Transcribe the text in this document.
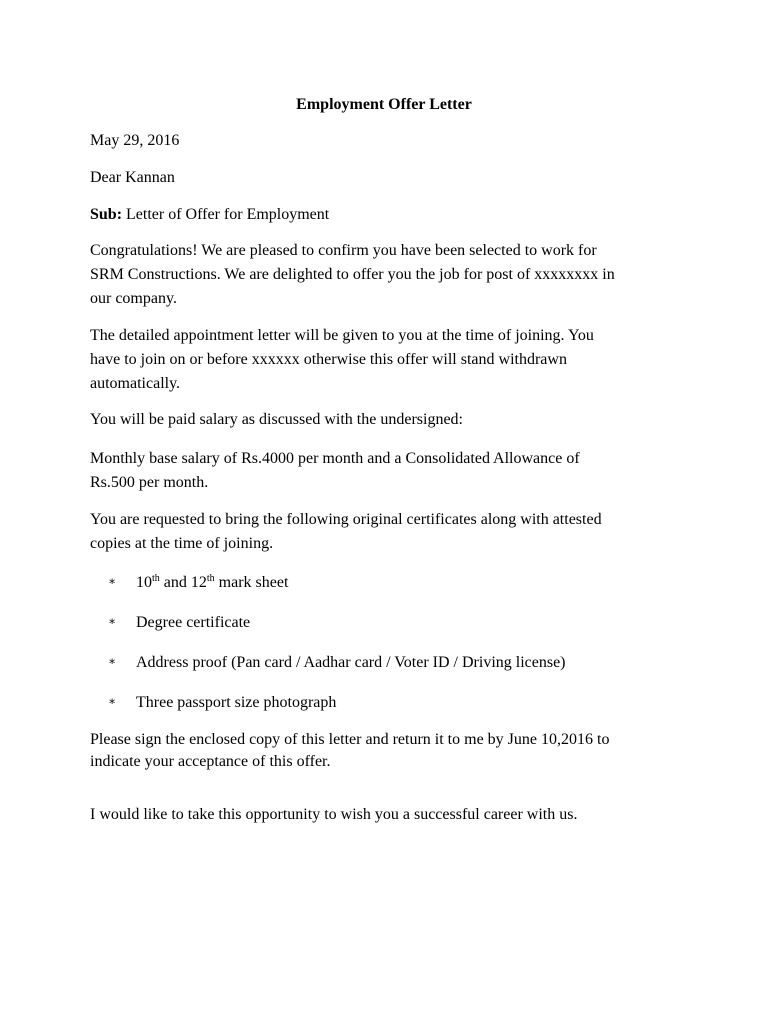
Employment Offer Letter
May 29, 2016
Dear Kannan
Sub: Letter of Offer for Employment
Congratulations! We are pleased to confirm you have been selected to work for
SRM Constructions. We are delighted to offer you the job for post of xxxxxxxx in
our company.
The detailed appointment letter will be given to you at the time of joining. You
have to join on or before xxxxxx otherwise this offer will stand withdrawn
automatically.
You will be paid salary as discussed with the undersigned:
Monthly base salary of Rs.4000 per month and a Consolidated Allowance of
Rs.500 per month.
You are requested to bring the following original certificates along with attested
copies at the time of joining.
∗ 10th and 12th mark sheet
∗ Degree certificate
∗ Address proof (Pan card / Aadhar card / Voter ID / Driving license)
∗ Three passport size photograph
Please sign the enclosed copy of this letter and return it to me by June 10,2016 to
indicate your acceptance of this offer.
I would like to take this opportunity to wish you a successful career with us.
